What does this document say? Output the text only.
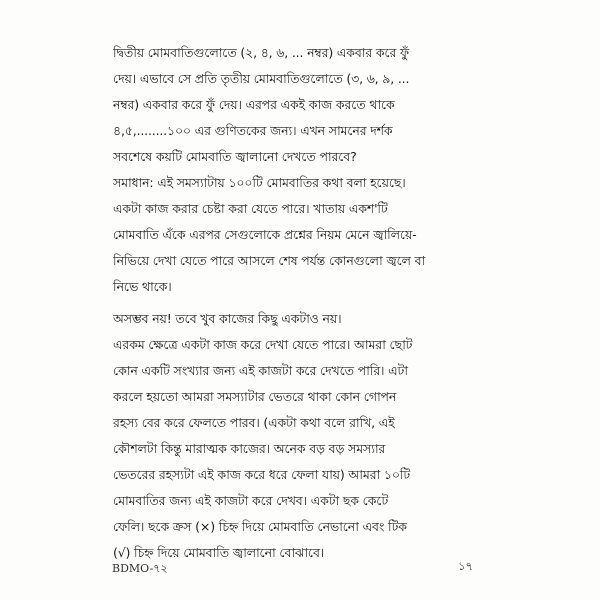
দ্বিতীয় মোমবাতিগুলোতে (২, ৪, ৬, ... নম্বর) একবার করে ফুঁ
দেয়। এভাবে সে প্রতি তৃতীয় মোমবাতিগুলোতে (৩, ৬, ৯, ...
নম্বর) একবার করে ফুঁ দেয়। এরপর একই কাজ করতে থাকে
৪,৫,........১০০ এর গুণিতকের জন্য। এখন সামনের দর্শক
সবশেষে কয়টি মোমবাতি জ্বালানো দেখতে পারবে?
সমাধান: এই সমস্যাটায় ১০০টি মোমবাতির কথা বলা হয়েছে।
একটা কাজ করার চেষ্টা করা যেতে পারে। খাতায় একশ'টি
মোমবাতি এঁকে এরপর সেগুলোকে প্রশ্নের নিয়ম মেনে জ্বালিয়ে-
নিভিয়ে দেখা যেতে পারে আসলে শেষ পর্যন্ত কোনগুলো জ্বলে বা
নিভে থাকে।
অসম্ভব নয়! তবে খুব কাজের কিছু একটাও নয়।
এরকম ক্ষেত্রে একটা কাজ করে দেখা যেতে পারে। আমরা ছোট
কোন একটি সংখ্যার জন্য এই কাজটা করে দেখতে পারি। এটা
করলে হয়তো আমরা সমস্যাটার ভেতরে থাকা কোন গোপন
রহস্য বের করে ফেলতে পারব। (একটা কথা বলে রাখি, এই
কৌশলটা কিন্তু মারাত্মক কাজের। অনেক বড় বড় সমস্যার
ভেতরের রহস্যটা এই কাজ করে ধরে ফেলা যায়) আমরা ১০টি
মোমবাতির জন্য এই কাজটা করে দেখব। একটা ছক কেটে
ফেলি। ছকে ক্রস (×) চিহ্ন দিয়ে মোমবাতি নেভানো এবং টিক
(√) চিহ্ন দিয়ে মোমবাতি জ্বালানো বোঝাবে।
BDMO-৭২	১৭
